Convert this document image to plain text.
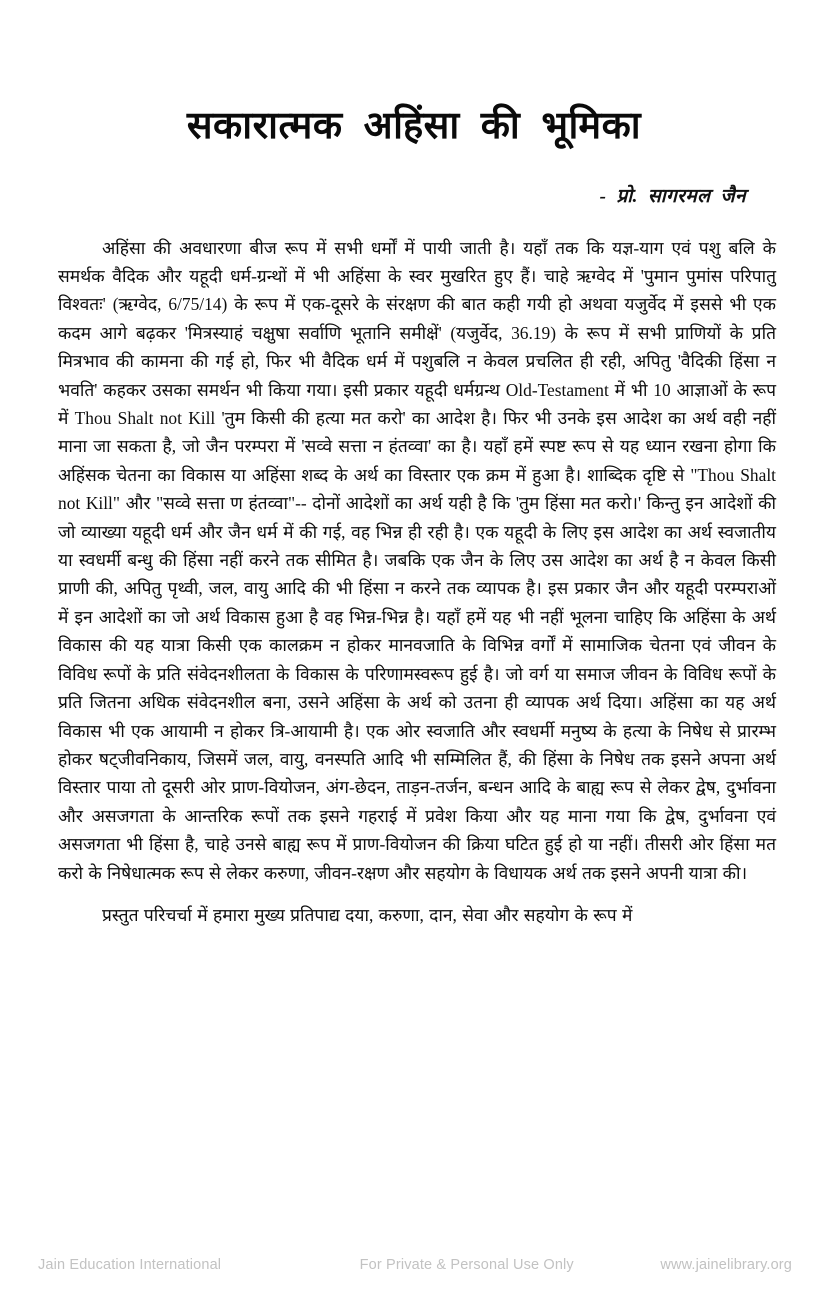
सकारात्मक अहिंसा की भूमिका

- प्रो. सागरमल जैन

अहिंसा की अवधारणा बीज रूप में सभी धर्मों में पायी जाती है। यहाँ तक कि यज्ञ-याग एवं पशु बलि के समर्थक वैदिक और यहूदी धर्म-ग्रन्थों में भी अहिंसा के स्वर मुखरित हुए हैं। चाहे ऋग्वेद में 'पुमान पुमांस परिपातु विश्वतः' (ऋग्वेद, 6/75/14) के रूप में एक-दूसरे के संरक्षण की बात कही गयी हो अथवा यजुर्वेद में इससे भी एक कदम आगे बढ़कर 'मित्रस्याहं चक्षुषा सर्वाणि भूतानि समीक्षें' (यजुर्वेद, 36.19) के रूप में सभी प्राणियों के प्रति मित्रभाव की कामना की गई हो, फिर भी वैदिक धर्म में पशुबलि न केवल प्रचलित ही रही, अपितु 'वैदिकी हिंसा न भवति' कहकर उसका समर्थन भी किया गया। इसी प्रकार यहूदी धर्मग्रन्थ Old-Testament में भी 10 आज्ञाओं के रूप में Thou Shalt not Kill 'तुम किसी की हत्या मत करो' का आदेश है। फिर भी उनके इस आदेश का अर्थ वही नहीं माना जा सकता है, जो जैन परम्परा में 'सव्वे सत्ता न हंतव्वा' का है। यहाँ हमें स्पष्ट रूप से यह ध्यान रखना होगा कि अहिंसक चेतना का विकास या अहिंसा शब्द के अर्थ का विस्तार एक क्रम में हुआ है। शाब्दिक दृष्टि से "Thou Shalt not Kill" और "सव्वे सत्ता ण हंतव्वा"-- दोनों आदेशों का अर्थ यही है कि 'तुम हिंसा मत करो।' किन्तु इन आदेशों की जो व्याख्या यहूदी धर्म और जैन धर्म में की गई, वह भिन्न ही रही है। एक यहूदी के लिए इस आदेश का अर्थ स्वजातीय या स्वधर्मी बन्धु की हिंसा नहीं करने तक सीमित है। जबकि एक जैन के लिए उस आदेश का अर्थ है न केवल किसी प्राणी की, अपितु पृथ्वी, जल, वायु आदि की भी हिंसा न करने तक व्यापक है। इस प्रकार जैन और यहूदी परम्पराओं में इन आदेशों का जो अर्थ विकास हुआ है वह भिन्न-भिन्न है। यहाँ हमें यह भी नहीं भूलना चाहिए कि अहिंसा के अर्थ विकास की यह यात्रा किसी एक कालक्रम न होकर मानवजाति के विभिन्न वर्गों में सामाजिक चेतना एवं जीवन के विविध रूपों के प्रति संवेदनशीलता के विकास के परिणामस्वरूप हुई है। जो वर्ग या समाज जीवन के विविध रूपों के प्रति जितना अधिक संवेदनशील बना, उसने अहिंसा के अर्थ को उतना ही व्यापक अर्थ दिया। अहिंसा का यह अर्थ विकास भी एक आयामी न होकर त्रि-आयामी है। एक ओर स्वजाति और स्वधर्मी मनुष्य के हत्या के निषेध से प्रारम्भ होकर षट्जीवनिकाय, जिसमें जल, वायु, वनस्पति आदि भी सम्मिलित हैं, की हिंसा के निषेध तक इसने अपना अर्थ विस्तार पाया तो दूसरी ओर प्राण-वियोजन, अंग-छेदन, ताड़न-तर्जन, बन्धन आदि के बाह्य रूप से लेकर द्वेष, दुर्भावना और असजगता के आन्तरिक रूपों तक इसने गहराई में प्रवेश किया और यह माना गया कि द्वेष, दुर्भावना एवं असजगता भी हिंसा है, चाहे उनसे बाह्य रूप में प्राण-वियोजन की क्रिया घटित हुई हो या नहीं। तीसरी ओर हिंसा मत करो के निषेधात्मक रूप से लेकर करुणा, जीवन-रक्षण और सहयोग के विधायक अर्थ तक इसने अपनी यात्रा की।

प्रस्तुत परिचर्चा में हमारा मुख्य प्रतिपाद्य दया, करुणा, दान, सेवा और सहयोग के रूप में

Jain Education International	For Private & Personal Use Only	www.jainelibrary.org
